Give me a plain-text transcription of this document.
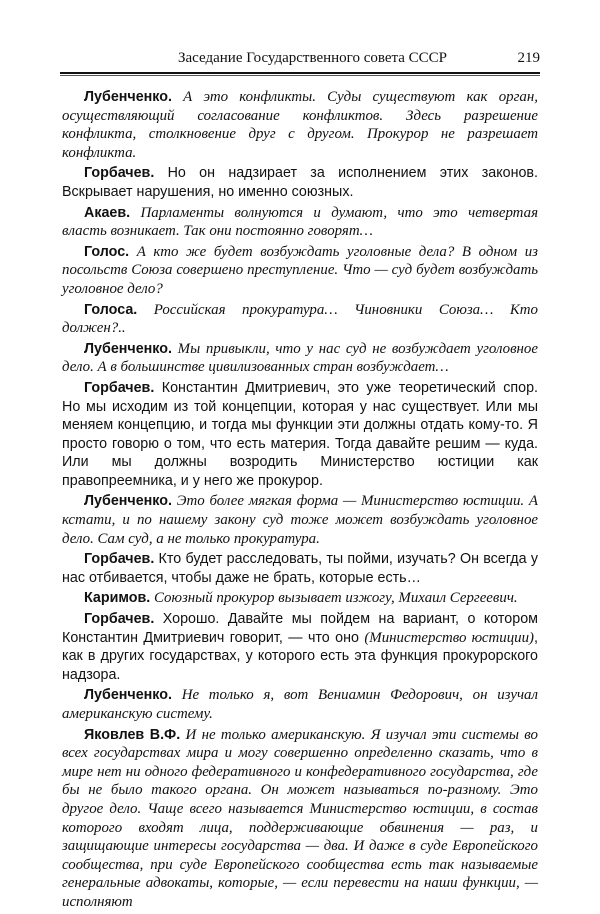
Заседание Государственного совета СССР	219

Лубенченко. А это конфликты. Суды существуют как орган, осуществляющий согласование конфликтов. Здесь разрешение конфликта, столкновение друг с другом. Прокурор не разрешает конфликта.

Горбачев. Но он надзирает за исполнением этих законов. Вскрывает нарушения, но именно союзных.

Акаев. Парламенты волнуются и думают, что это четвертая власть возникает. Так они постоянно говорят…

Голос. А кто же будет возбуждать уголовные дела? В одном из посольств Союза совершено преступление. Что — суд будет возбуждать уголовное дело?

Голоса. Российская прокуратура… Чиновники Союза… Кто должен?..

Лубенченко. Мы привыкли, что у нас суд не возбуждает уголовное дело. А в большинстве цивилизованных стран возбуждает…

Горбачев. Константин Дмитриевич, это уже теоретический спор. Но мы исходим из той концепции, которая у нас существует. Или мы меняем концепцию, и тогда мы функции эти должны отдать кому-то. Я просто говорю о том, что есть материя. Тогда давайте решим — куда. Или мы должны возродить Министерство юстиции как правопреемника, и у него же прокурор.

Лубенченко. Это более мягкая форма — Министерство юстиции. А кстати, и по нашему закону суд тоже может возбуждать уголовное дело. Сам суд, а не только прокуратура.

Горбачев. Кто будет расследовать, ты пойми, изучать? Он всегда у нас отбивается, чтобы даже не брать, которые есть…

Каримов. Союзный прокурор вызывает изжогу, Михаил Сергеевич.

Горбачев. Хорошо. Давайте мы пойдем на вариант, о котором Константин Дмитриевич говорит, — что оно (Министерство юстиции), как в других государствах, у которого есть эта функция прокурорского надзора.

Лубенченко. Не только я, вот Вениамин Федорович, он изучал американскую систему.

Яковлев В.Ф. И не только американскую. Я изучал эти системы во всех государствах мира и могу совершенно определенно сказать, что в мире нет ни одного федеративного и конфедеративного государства, где бы не было такого органа. Он может называться по-разному. Это другое дело. Чаще всего называется Министерство юстиции, в состав которого входят лица, поддерживающие обвинения — раз, и защищающие интересы государства — два. И даже в суде Европейского сообщества, при суде Европейского сообщества есть так называемые генеральные адвокаты, которые, — если перевести на наши функции, — исполняют
